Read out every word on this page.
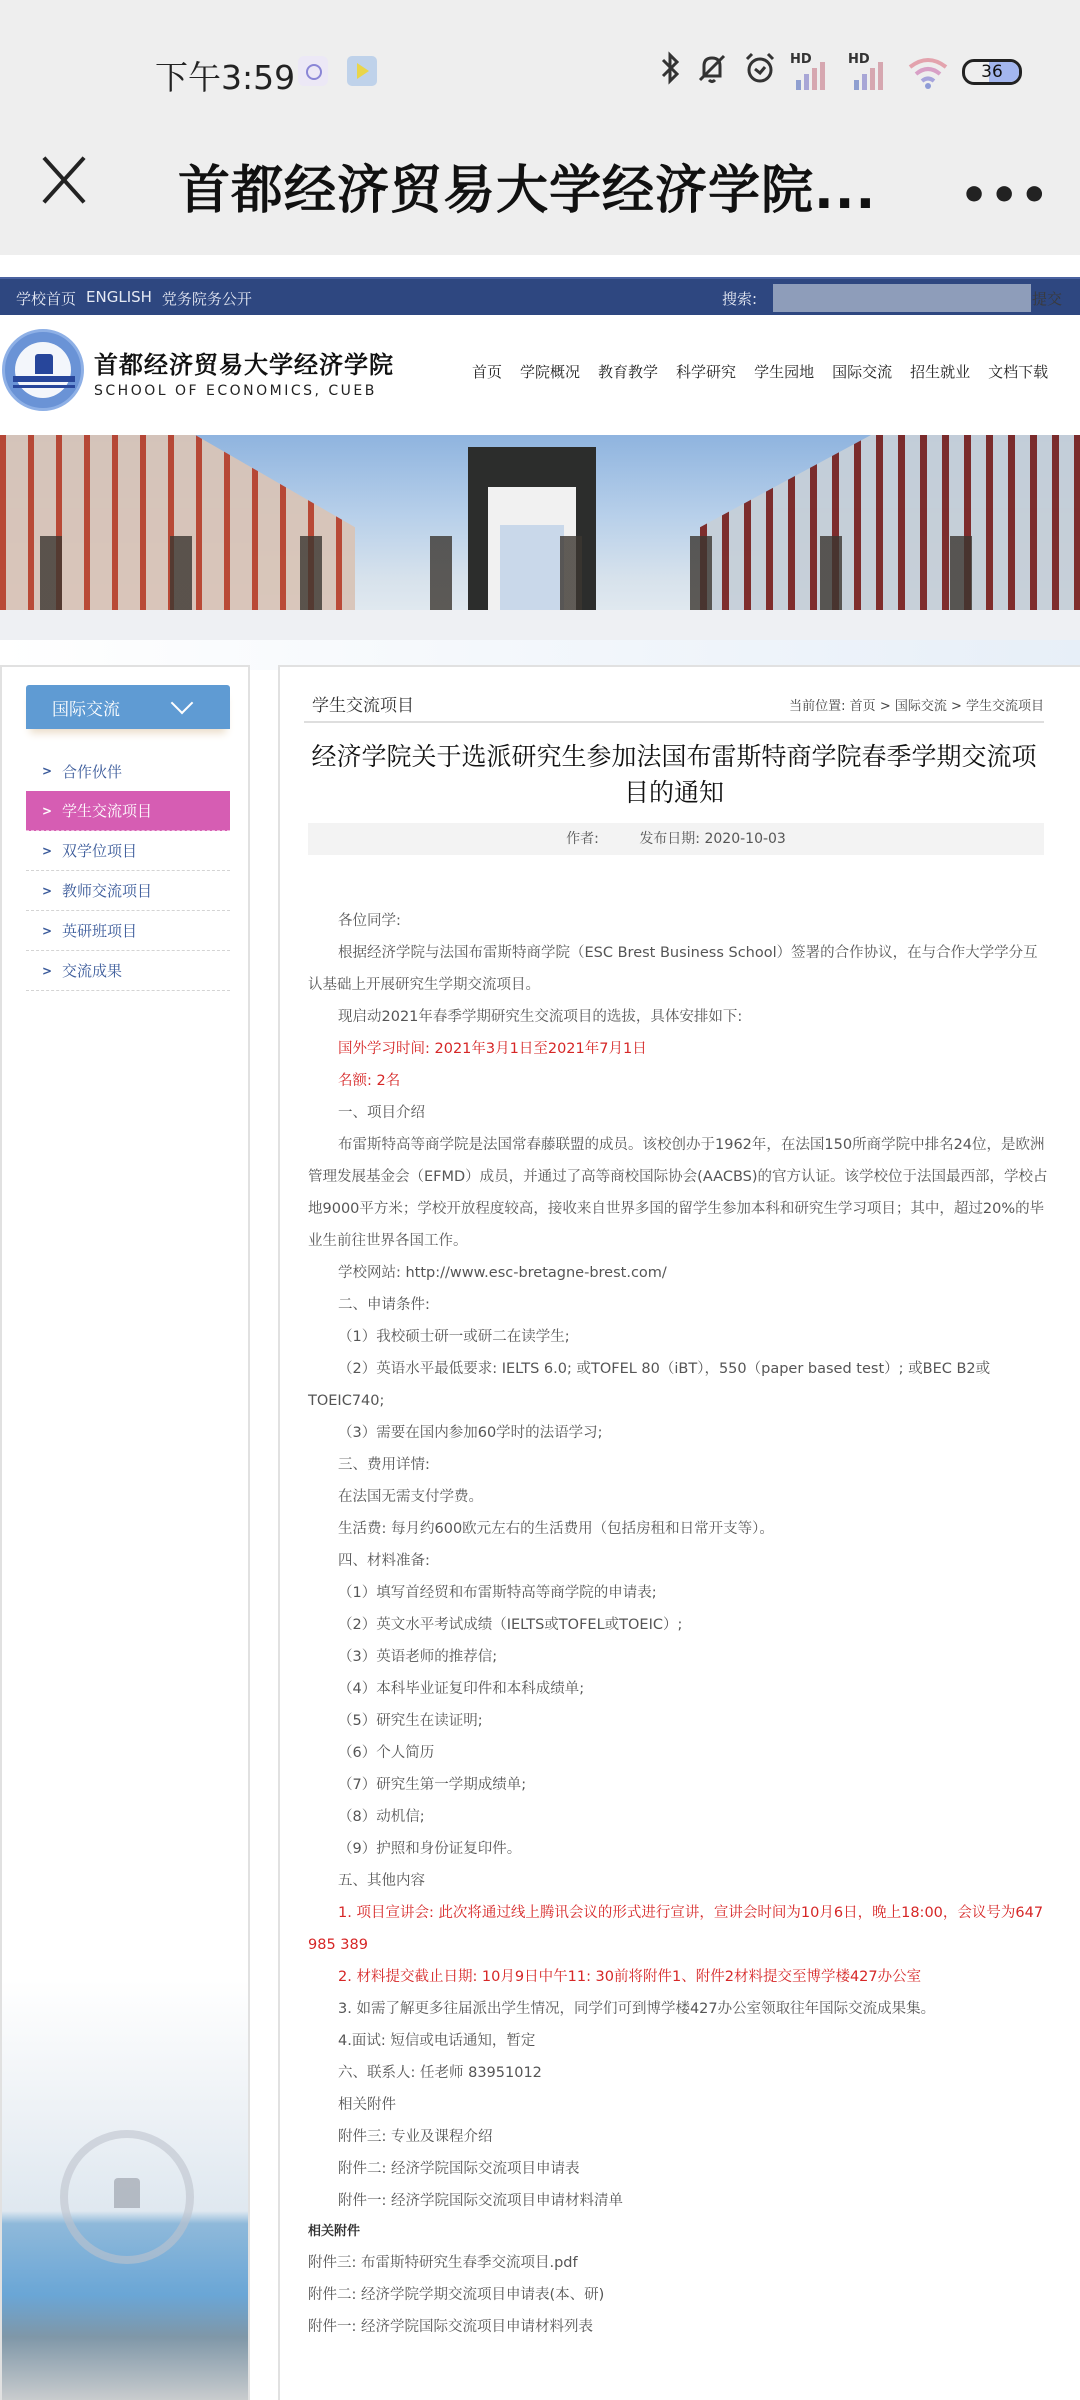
下午3:59	HD	HD
36
首都经济贸易大学经济学院... •••
学校首页 ENGLISH 党务院务公开	搜索:	提交
首都经济贸易大学经济学院
SCHOOL OF ECONOMICS, CUEB
首页 学院概况 教育教学 科学研究 学生园地 国际交流 招生就业 文档下载
国际交流
> 合作伙伴
> 学生交流项目
> 双学位项目
> 教师交流项目
> 英研班项目
> 交流成果
学生交流项目	当前位置: 首页 > 国际交流 > 学生交流项目
经济学院关于选派研究生参加法国布雷斯特商学院春季学期交流项目的通知
作者:	发布日期: 2020-10-03

各位同学:

根据经济学院与法国布雷斯特商学院（ESC Brest Business School）签署的合作协议，在与合作大学学分互认基础上开展研究生学期交流项目。

现启动2021年春季学期研究生交流项目的选拔，具体安排如下:

国外学习时间: 2021年3月1日至2021年7月1日

名额: 2名

一、项目介绍

布雷斯特高等商学院是法国常春藤联盟的成员。该校创办于1962年，在法国150所商学院中排名24位，是欧洲管理发展基金会（EFMD）成员，并通过了高等商校国际协会(AACBS)的官方认证。该学校位于法国最西部，学校占地9000平方米；学校开放程度较高，接收来自世界多国的留学生参加本科和研究生学习项目；其中，超过20%的毕业生前往世界各国工作。

学校网站: http://www.esc-bretagne-brest.com/

二、申请条件:

（1）我校硕士研一或研二在读学生;

（2）英语水平最低要求: IELTS 6.0; 或TOFEL 80（iBT），550（paper based test）; 或BEC B2或TOEIC740;

（3）需要在国内参加60学时的法语学习;

三、费用详情:

在法国无需支付学费。

生活费: 每月约600欧元左右的生活费用（包括房租和日常开支等）。

四、材料准备:

（1）填写首经贸和布雷斯特高等商学院的申请表;

（2）英文水平考试成绩（IELTS或TOFEL或TOEIC）;

（3）英语老师的推荐信;

（4）本科毕业证复印件和本科成绩单;

（5）研究生在读证明;

（6）个人简历

（7）研究生第一学期成绩单;

（8）动机信;

（9）护照和身份证复印件。

五、其他内容

1. 项目宣讲会: 此次将通过线上腾讯会议的形式进行宣讲，宣讲会时间为10月6日，晚上18:00，会议号为647 985 389

2. 材料提交截止日期: 10月9日中午11: 30前将附件1、附件2材料提交至博学楼427办公室

3. 如需了解更多往届派出学生情况，同学们可到博学楼427办公室领取往年国际交流成果集。

4.面试: 短信或电话通知，暂定

六、联系人: 任老师 83951012

相关附件

附件三: 专业及课程介绍

附件二: 经济学院国际交流项目申请表

附件一: 经济学院国际交流项目申请材料清单

相关附件
附件三: 布雷斯特研究生春季交流项目.pdf
附件二: 经济学院学期交流项目申请表(本、研)
附件一: 经济学院国际交流项目申请材料列表
